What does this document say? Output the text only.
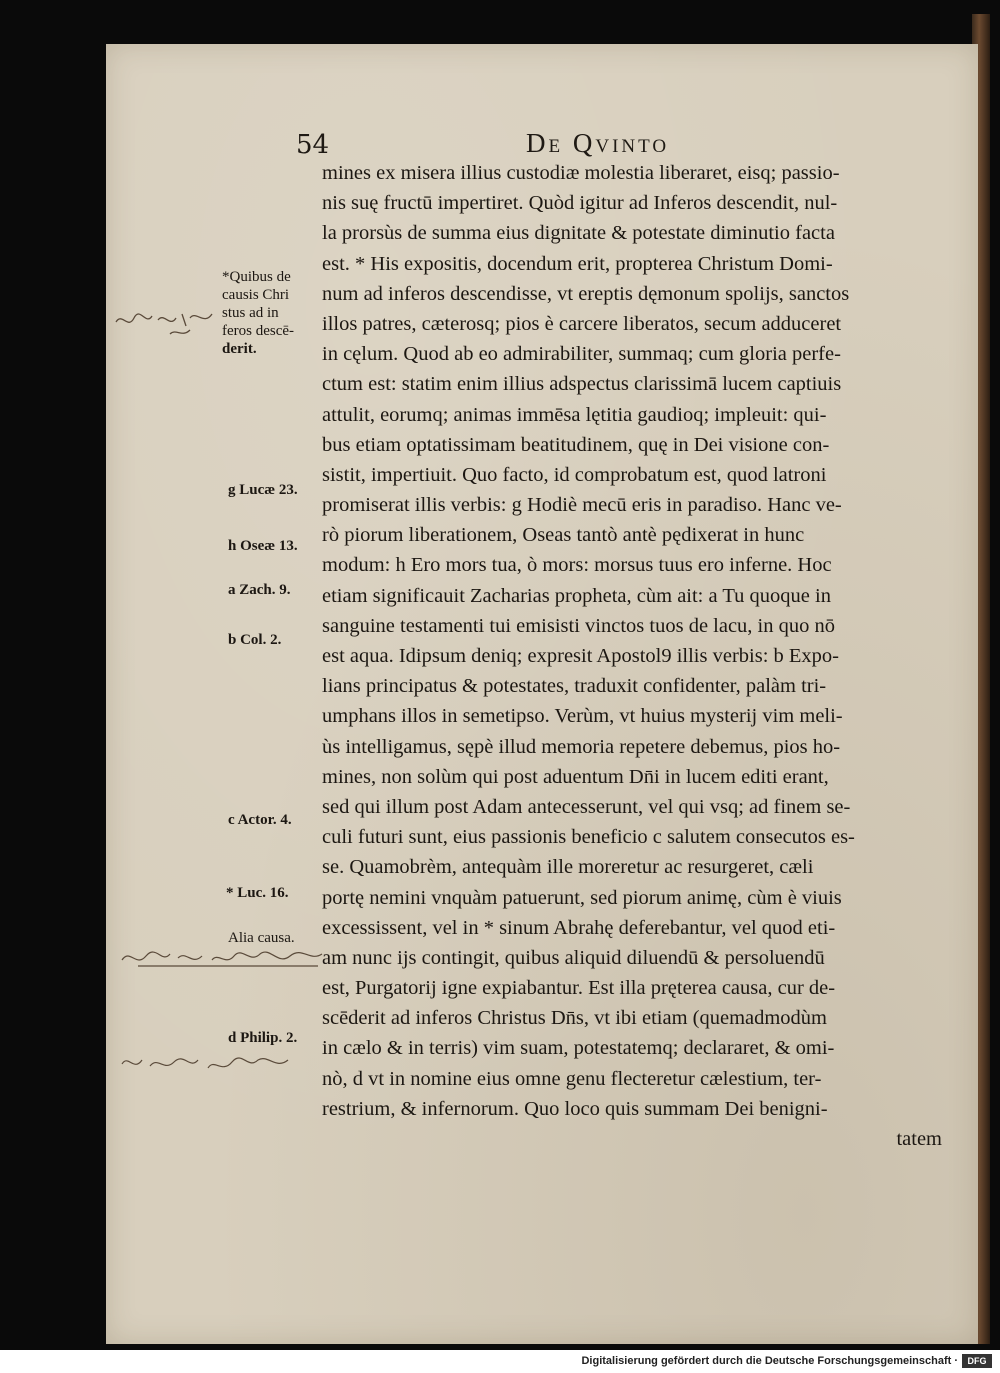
54	De Qvinto
*Quibus de
causis Chri
stus ad in
feros descē-
derit.
g Lucæ 23.
h Oseæ 13.
a Zach. 9.
b Col. 2.
c Actor. 4.
* Luc. 16.
Alia causa.
d Philip. 2.
mines ex misera illius custodiæ molestia liberaret, eisq; passio-
nis suę fructū impertiret. Quòd igitur ad Inferos descendit, nul-
la prorsùs de summa eius dignitate & potestate diminutio facta
est. * His expositis, docendum erit, propterea Christum Domi-
num ad inferos descendisse, vt ereptis dęmonum spolijs, sanctos
illos patres, cæterosq; pios è carcere liberatos, secum adduceret
in cęlum. Quod ab eo admirabiliter, summaq; cum gloria perfe-
ctum est: statim enim illius adspectus clarissimā lucem captiuis
attulit, eorumq; animas immēsa lętitia gaudioq; impleuit: qui-
bus etiam optatissimam beatitudinem, quę in Dei visione con-
sistit, impertiuit. Quo facto, id comprobatum est, quod latroni
promiserat illis verbis: g Hodiè mecū eris in paradiso. Hanc ve-
rò piorum liberationem, Oseas tantò antè pędixerat in hunc
modum: h Ero mors tua, ò mors: morsus tuus ero inferne. Hoc
etiam significauit Zacharias propheta, cùm ait: a Tu quoque in
sanguine testamenti tui emisisti vinctos tuos de lacu, in quo nō
est aqua. Idipsum deniq; expresit Apostol9 illis verbis: b Expo-
lians principatus & potestates, traduxit confidenter, palàm tri-
umphans illos in semetipso. Verùm, vt huius mysterij vim meli-
ùs intelligamus, sępè illud memoria repetere debemus, pios ho-
mines, non solùm qui post aduentum Dn̄i in lucem editi erant,
sed qui illum post Adam antecesserunt, vel qui vsq; ad finem se-
culi futuri sunt, eius passionis beneficio c salutem consecutos es-
se. Quamobrèm, antequàm ille moreretur ac resurgeret, cæli
portę nemini vnquàm patuerunt, sed piorum animę, cùm è viuis
excessissent, vel in * sinum Abrahę deferebantur, vel quod eti-
am nunc ijs contingit, quibus aliquid diluendū & persoluendū
est, Purgatorij igne expiabantur. Est illa pręterea causa, cur de-
scēderit ad inferos Christus Dn̄s, vt ibi etiam (quemadmodùm
in cælo & in terris) vim suam, potestatemq; declararet, & omi-
nò, d vt in nomine eius omne genu flecteretur cælestium, ter-
restrium, & infernorum. Quo loco quis summam Dei benigni-
tatem
Digitalisierung gefördert durch die Deutsche Forschungsgemeinschaft ·	DFG
